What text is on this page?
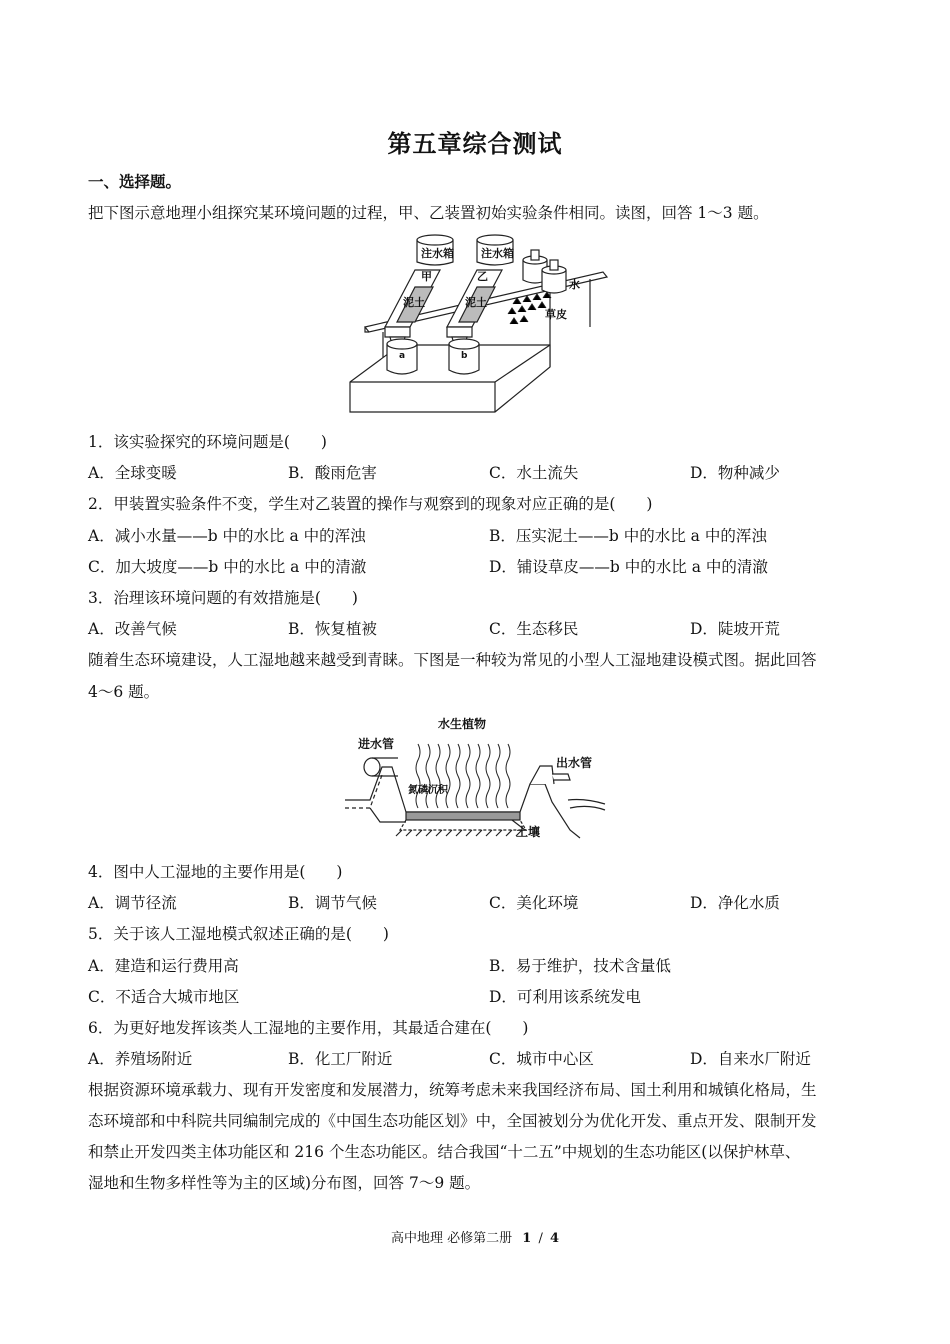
第五章综合测试
一、选择题。
把下图示意地理小组探究某环境问题的过程，甲、乙装置初始实验条件相同。读图，回答 1～3 题。
注水箱 注水箱
甲	乙
泥土	泥土
水
草皮
a	b
1．该实验探究的环境问题是(　　)
A．全球变暖	B．酸雨危害	C．水土流失	D．物种减少
2．甲装置实验条件不变，学生对乙装置的操作与观察到的现象对应正确的是(　　)
A．减小水量——b 中的水比 a 中的浑浊	B．压实泥土——b 中的水比 a 中的浑浊
C．加大坡度——b 中的水比 a 中的清澈	D．铺设草皮——b 中的水比 a 中的清澈
3．治理该环境问题的有效措施是(　　)
A．改善气候	B．恢复植被	C．生态移民	D．陡坡开荒
随着生态环境建设，人工湿地越来越受到青睐。下图是一种较为常见的小型人工湿地建设模式图。据此回答
4～6 题。
水生植物
进水管
出水管
氮磷沉积
土壤
4．图中人工湿地的主要作用是(　　)
A．调节径流	B．调节气候	C．美化环境	D．净化水质
5．关于该人工湿地模式叙述正确的是(　　)
A．建造和运行费用高	B．易于维护，技术含量低
C．不适合大城市地区	D．可利用该系统发电
6．为更好地发挥该类人工湿地的主要作用，其最适合建在(　　)
A．养殖场附近	B．化工厂附近	C．城市中心区	D．自来水厂附近
根据资源环境承载力、现有开发密度和发展潜力，统筹考虑未来我国经济布局、国土利用和城镇化格局，生
态环境部和中科院共同编制完成的《中国生态功能区划》中，全国被划分为优化开发、重点开发、限制开发
和禁止开发四类主体功能区和 216 个生态功能区。结合我国“十二五”中规划的生态功能区(以保护林草、
湿地和生物多样性等为主的区域)分布图，回答 7～9 题。
高中地理 必修第二册 1 / 4
